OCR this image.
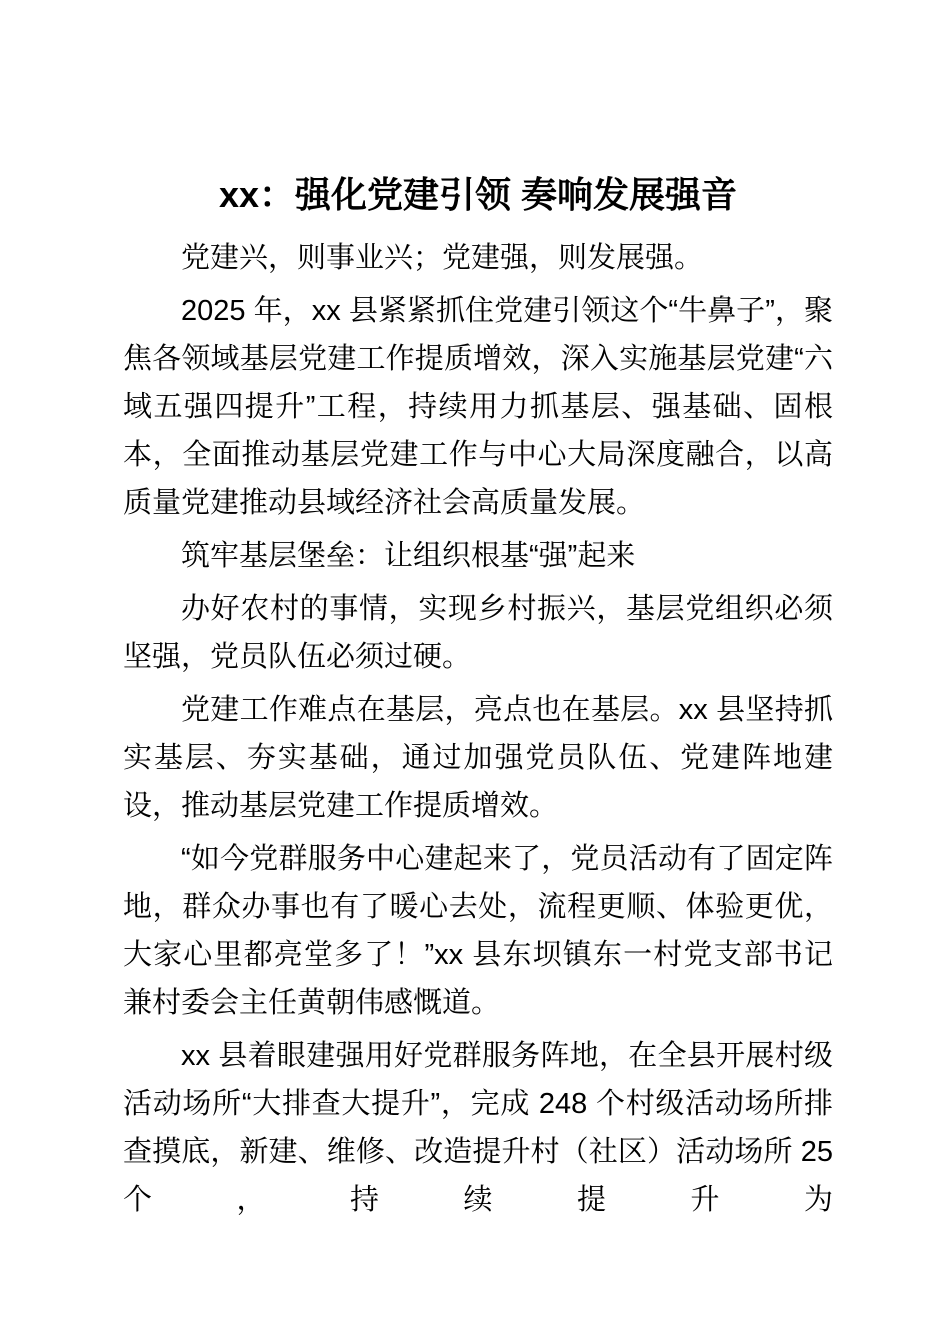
xx：强化党建引领 奏响发展强音

党建兴，则事业兴；党建强，则发展强。

2025 年，xx 县紧紧抓住党建引领这个“牛鼻子”，聚焦各领域基层党建工作提质增效，深入实施基层党建“六域五强四提升”工程，持续用力抓基层、强基础、固根本，全面推动基层党建工作与中心大局深度融合，以高质量党建推动县域经济社会高质量发展。

筑牢基层堡垒：让组织根基“强”起来

办好农村的事情，实现乡村振兴，基层党组织必须坚强，党员队伍必须过硬。

党建工作难点在基层，亮点也在基层。xx 县坚持抓实基层、夯实基础，通过加强党员队伍、党建阵地建设，推动基层党建工作提质增效。

“如今党群服务中心建起来了，党员活动有了固定阵地，群众办事也有了暖心去处，流程更顺、体验更优，大家心里都亮堂多了！”xx 县东坝镇东一村党支部书记兼村委会主任黄朝伟感慨道。

xx 县着眼建强用好党群服务阵地，在全县开展村级活动场所“大排查大提升”，完成 248 个村级活动场所排查摸底，新建、维修、改造提升村（社区）活动场所 25 个，持续提升为
